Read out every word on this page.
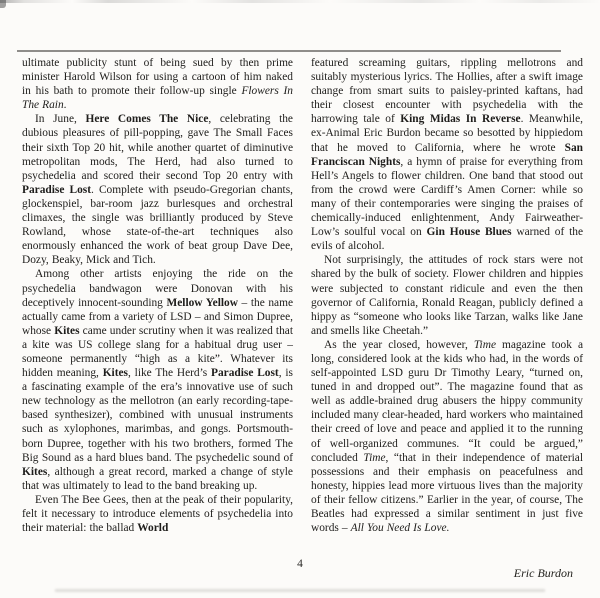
ultimate publicity stunt of being sued by then prime minister Harold Wilson for using a cartoon of him naked in his bath to promote their follow-up single Flowers In The Rain.

In June, Here Comes The Nice, celebrating the dubious pleasures of pill-popping, gave The Small Faces their sixth Top 20 hit, while another quartet of diminutive metropolitan mods, The Herd, had also turned to psychedelia and scored their second Top 20 entry with Paradise Lost. Complete with pseudo-Gregorian chants, glockenspiel, bar-room jazz burlesques and orchestral climaxes, the single was brilliantly produced by Steve Rowland, whose state-of-the-art techniques also enormously enhanced the work of beat group Dave Dee, Dozy, Beaky, Mick and Tich.

Among other artists enjoying the ride on the psychedelia bandwagon were Donovan with his deceptively innocent-sounding Mellow Yellow – the name actually came from a variety of LSD – and Simon Dupree, whose Kites came under scrutiny when it was realized that a kite was US college slang for a habitual drug user – someone permanently “high as a kite”. Whatever its hidden meaning, Kites, like The Herd’s Paradise Lost, is a fascinating example of the era’s innovative use of such new technology as the mellotron (an early recording-tape-based synthesizer), combined with unusual instruments such as xylophones, marimbas, and gongs. Portsmouth-born Dupree, together with his two brothers, formed The Big Sound as a hard blues band. The psychedelic sound of Kites, although a great record, marked a change of style that was ultimately to lead to the band breaking up.

Even The Bee Gees, then at the peak of their popularity, felt it necessary to introduce elements of psychedelia into their material: the ballad World

featured screaming guitars, rippling mellotrons and suitably mysterious lyrics. The Hollies, after a swift image change from smart suits to paisley-printed kaftans, had their closest encounter with psychedelia with the harrowing tale of King Midas In Reverse. Meanwhile, ex-Animal Eric Burdon became so besotted by hippiedom that he moved to California, where he wrote San Franciscan Nights, a hymn of praise for everything from Hell’s Angels to flower children. One band that stood out from the crowd were Cardiff’s Amen Corner: while so many of their contemporaries were singing the praises of chemically-induced enlightenment, Andy Fairweather-Low’s soulful vocal on Gin House Blues warned of the evils of alcohol.

Not surprisingly, the attitudes of rock stars were not shared by the bulk of society. Flower children and hippies were subjected to constant ridicule and even the then governor of California, Ronald Reagan, publicly defined a hippy as “someone who looks like Tarzan, walks like Jane and smells like Cheetah.”

As the year closed, however, Time magazine took a long, considered look at the kids who had, in the words of self-appointed LSD guru Dr Timothy Leary, “turned on, tuned in and dropped out”. The magazine found that as well as addle-brained drug abusers the hippy community included many clear-headed, hard workers who maintained their creed of love and peace and applied it to the running of well-organized communes. “It could be argued,” concluded Time, “that in their independence of material possessions and their emphasis on peacefulness and honesty, hippies lead more virtuous lives than the majority of their fellow citizens.” Earlier in the year, of course, The Beatles had expressed a similar sentiment in just five words – All You Need Is Love.

4
Eric Burdon
